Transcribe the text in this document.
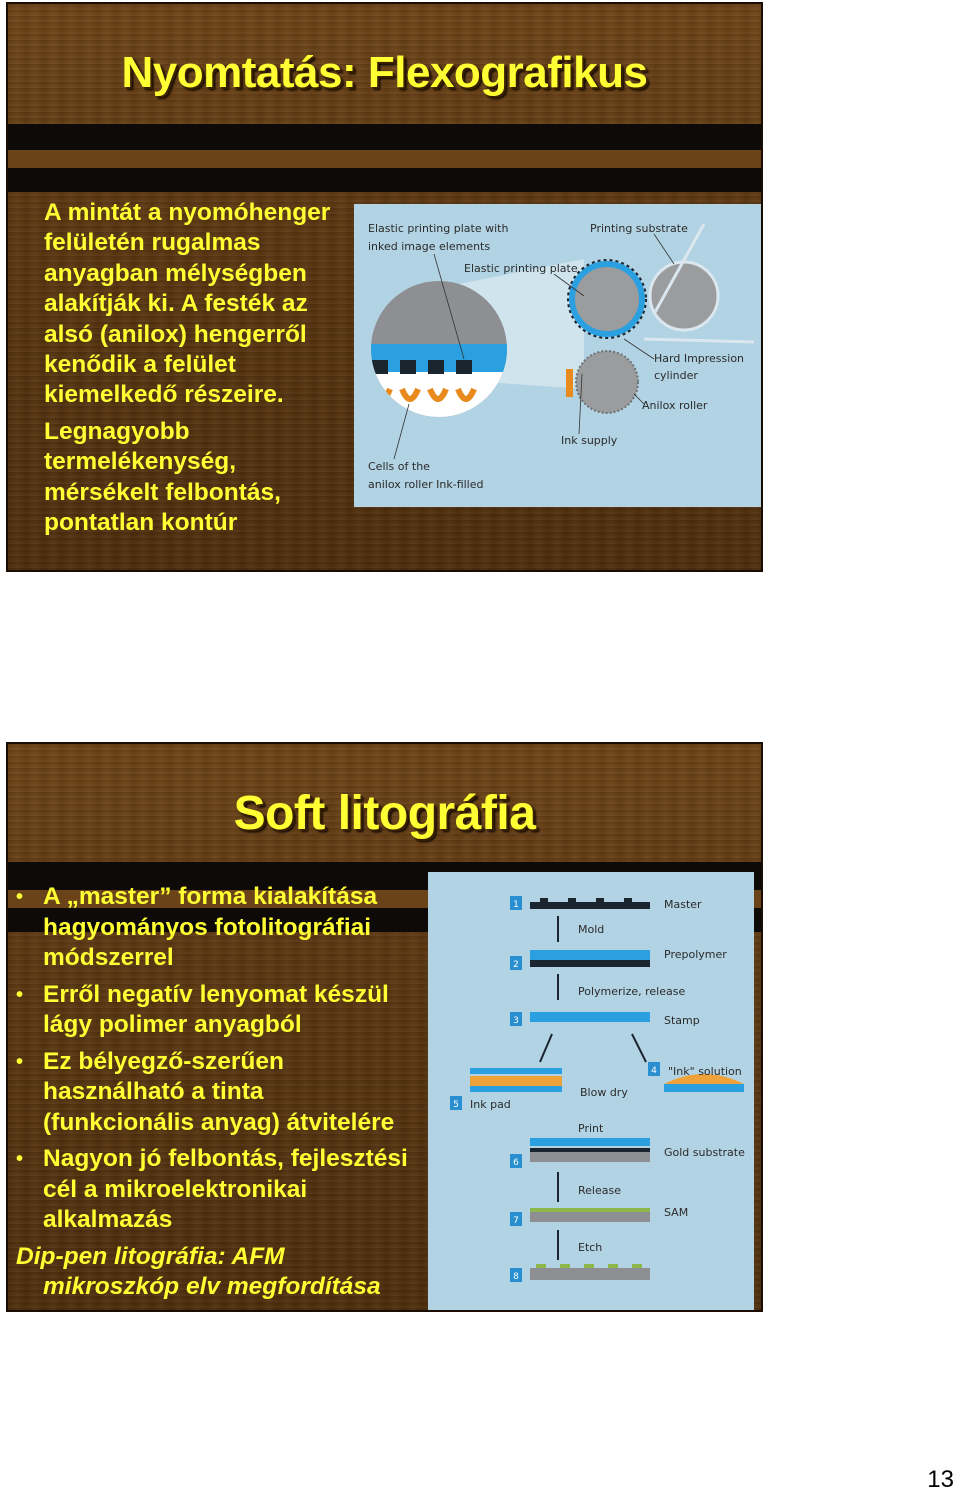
Nyomtatás: Flexografikus
A mintát a nyomóhenger
felületén rugalmas
anyagban mélységben
alakítják ki. A festék az
alsó (anilox) hengerről
kenődik a felület
kiemelkedő részeire.
Legnagyobb
termelékenység,
mérsékelt felbontás,
pontatlan kontúr
Elastic printing plate with
inked image elements
Elastic printing plate
Printing substrate
Hard Impression
cylinder
Anilox roller
Ink supply
Cells of the
anilox roller Ink-filled
Soft litográfia
• A „master” forma kialakítása
hagyományos fotolitográfiai
módszerrel
• Erről negatív lenyomat készül
lágy polimer anyagból
• Ez bélyegző-szerűen
használható a tinta
(funkcionális anyag) átvitelére
• Nagyon jó felbontás, fejlesztési
cél a mikroelektronikai
alkalmazás
Dip-pen litográfia: AFM
mikroszkóp elv megfordítása
1	Master
Mold
2
Prepolymer
Polymerize, release
3	Stamp
4 "Ink" solution
Blow dry
5 Ink pad
Print
6
Gold substrate
Release
7
SAM
Etch
8
13
